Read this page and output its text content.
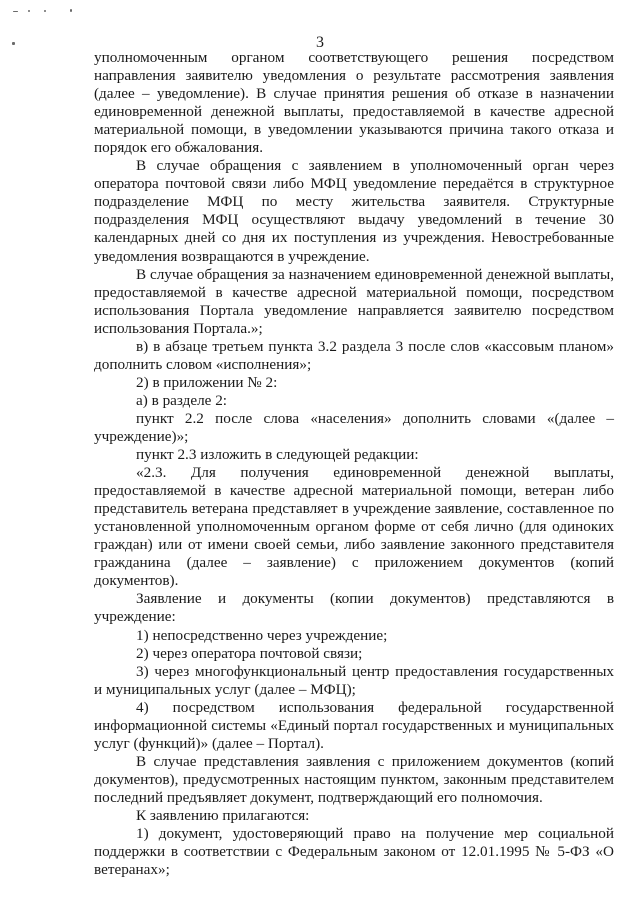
3

уполномоченным органом соответствующего решения посредством направления заявителю уведомления о результате рассмотрения заявления (далее – уведомление). В случае принятия решения об отказе в назначении единовременной денежной выплаты, предоставляемой в качестве адресной материальной помощи, в уведомлении указываются причина такого отказа и порядок его обжалования.

В случае обращения с заявлением в уполномоченный орган через оператора почтовой связи либо МФЦ уведомление передаётся в структурное подразделение МФЦ по месту жительства заявителя. Структурные подразделения МФЦ осуществляют выдачу уведомлений в течение 30 календарных дней со дня их поступления из учреждения. Невостребованные уведомления возвращаются в учреждение.

В случае обращения за назначением единовременной денежной выплаты, предоставляемой в качестве адресной материальной помощи, посредством использования Портала уведомление направляется заявителю посредством использования Портала.»;

в) в абзаце третьем пункта 3.2 раздела 3 после слов «кассовым планом» дополнить словом «исполнения»;

2) в приложении № 2:

а) в разделе 2:

пункт 2.2 после слова «населения» дополнить словами «(далее – учреждение)»;

пункт 2.3 изложить в следующей редакции:

«2.3. Для получения единовременной денежной выплаты, предоставляемой в качестве адресной материальной помощи, ветеран либо представитель ветерана представляет в учреждение заявление, составленное по установленной уполномоченным органом форме от себя лично (для одиноких граждан) или от имени своей семьи, либо заявление законного представителя гражданина (далее – заявление) с приложением документов (копий документов).

Заявление и документы (копии документов) представляются в учреждение:

1) непосредственно через учреждение;

2) через оператора почтовой связи;

3) через многофункциональный центр предоставления государственных и муниципальных услуг (далее – МФЦ);

4) посредством использования федеральной государственной информационной системы «Единый портал государственных и муниципальных услуг (функций)» (далее – Портал).

В случае представления заявления с приложением документов (копий документов), предусмотренных настоящим пунктом, законным представителем последний предъявляет документ, подтверждающий его полномочия.

К заявлению прилагаются:

1) документ, удостоверяющий право на получение мер социальной поддержки в соответствии с Федеральным законом от 12.01.1995 № 5-ФЗ «О ветеранах»;
